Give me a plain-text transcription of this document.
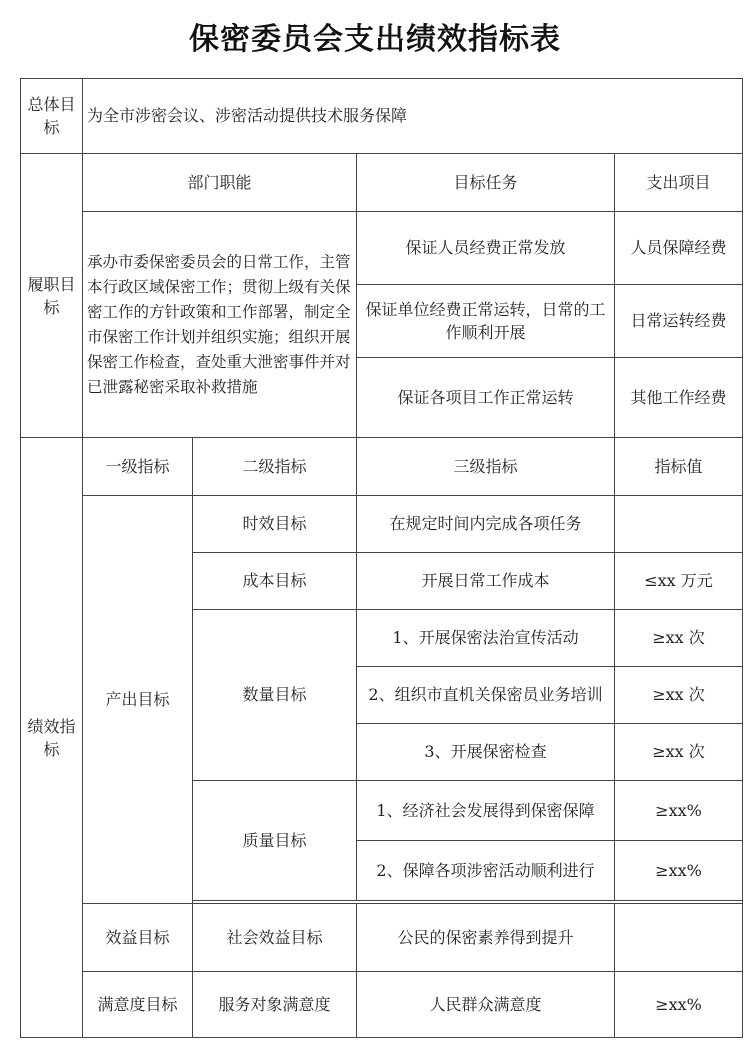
保密委员会支出绩效指标表
总体目标	为全市涉密会议、涉密活动提供技术服务保障			
履职目标	部门职能		目标任务	支出项目
	承办市委保密委员会的日常工作，主管本行政区域保密工作；贯彻上级有关保密工作的方针政策和工作部署，制定全市保密工作计划并组织实施；组织开展保密工作检查，查处重大泄密事件并对已泄露秘密采取补救措施		保证人员经费正常发放	人员保障经费
			保证单位经费正常运转，日常的工作顺利开展	日常运转经费
			保证各项目工作正常运转	其他工作经费
绩效指标	一级指标	二级指标	三级指标	指标值
	产出目标	时效目标	在规定时间内完成各项任务	
		成本目标	开展日常工作成本	≤xx 万元
		数量目标	1、开展保密法治宣传活动	≥xx 次
			2、组织市直机关保密员业务培训	≥xx 次
			3、开展保密检查	≥xx 次
		质量目标	1、经济社会发展得到保密保障	≥xx%
			2、保障各项涉密活动顺利进行	≥xx%

	效益目标	社会效益目标	公民的保密素养得到提升	
	满意度目标	服务对象满意度	人民群众满意度	≥xx%
